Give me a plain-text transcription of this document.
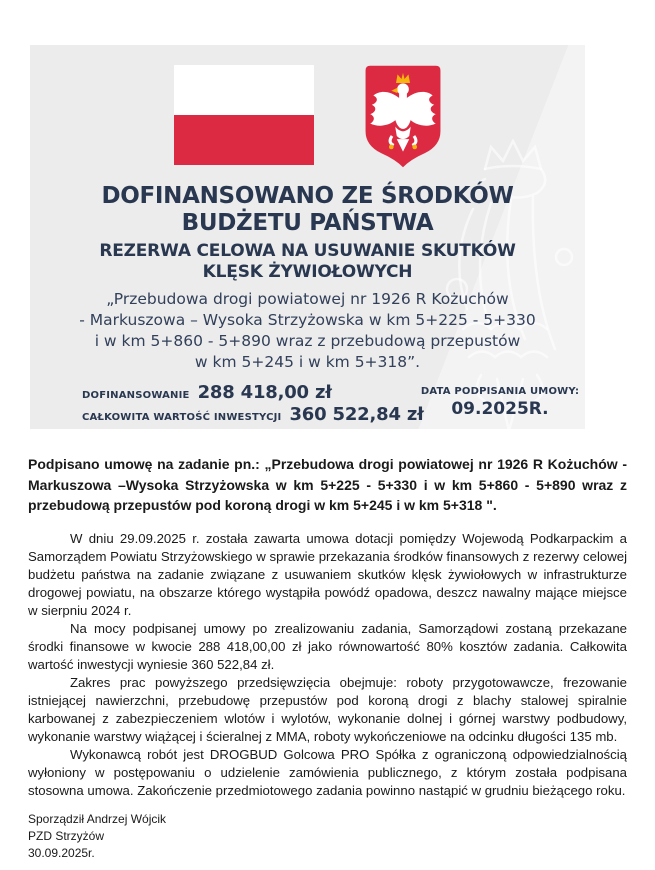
DOFINANSOWANO ZE ŚRODKÓW
BUDŻETU PAŃSTWA
REZERWA CELOWA NA USUWANIE SKUTKÓW
KLĘSK ŻYWIOŁOWYCH
„Przebudowa drogi powiatowej nr 1926 R Kożuchów
- Markuszowa – Wysoka Strzyżowska w km 5+225 - 5+330
i w km 5+860 - 5+890 wraz z przebudową przepustów
w km 5+245 i w km 5+318”.
DOFINANSOWANIE 288 418,00 zł
CAŁKOWITA WARTOŚĆ INWESTYCJI 360 522,84 zł
DATA PODPISANIA UMOWY:
09.2025R.

Podpisano umowę na zadanie pn.: „Przebudowa drogi powiatowej nr 1926 R Kożuchów - Markuszowa –Wysoka Strzyżowska w km 5+225 - 5+330 i w km 5+860 - 5+890 wraz z przebudową przepustów pod koroną drogi w km 5+245 i w km 5+318 ".

W dniu 29.09.2025 r. została zawarta umowa dotacji pomiędzy Wojewodą Podkarpackim a Samorządem Powiatu Strzyżowskiego w sprawie przekazania środków finansowych z rezerwy celowej budżetu państwa na zadanie związane z usuwaniem skutków klęsk żywiołowych w infrastrukturze drogowej powiatu, na obszarze którego wystąpiła powódź opadowa, deszcz nawalny mające miejsce w sierpniu 2024 r.

Na mocy podpisanej umowy po zrealizowaniu zadania, Samorządowi zostaną przekazane środki finansowe w kwocie 288 418,00,00 zł jako równowartość 80% kosztów zadania. Całkowita wartość inwestycji wyniesie 360 522,84 zł.

Zakres prac powyższego przedsięwzięcia obejmuje: roboty przygotowawcze, frezowanie istniejącej nawierzchni, przebudowę przepustów pod koroną drogi z blachy stalowej spiralnie karbowanej z zabezpieczeniem wlotów i wylotów, wykonanie dolnej i górnej warstwy podbudowy, wykonanie warstwy wiążącej i ścieralnej z MMA, roboty wykończeniowe na odcinku długości 135 mb.

Wykonawcą robót jest DROGBUD Golcowa PRO Spółka z ograniczoną odpowiedzialnością wyłoniony w postępowaniu o udzielenie zamówienia publicznego, z którym została podpisana stosowna umowa. Zakończenie przedmiotowego zadania powinno nastąpić w grudniu bieżącego roku.

Sporządził Andrzej Wójcik
PZD Strzyżów
30.09.2025r.
